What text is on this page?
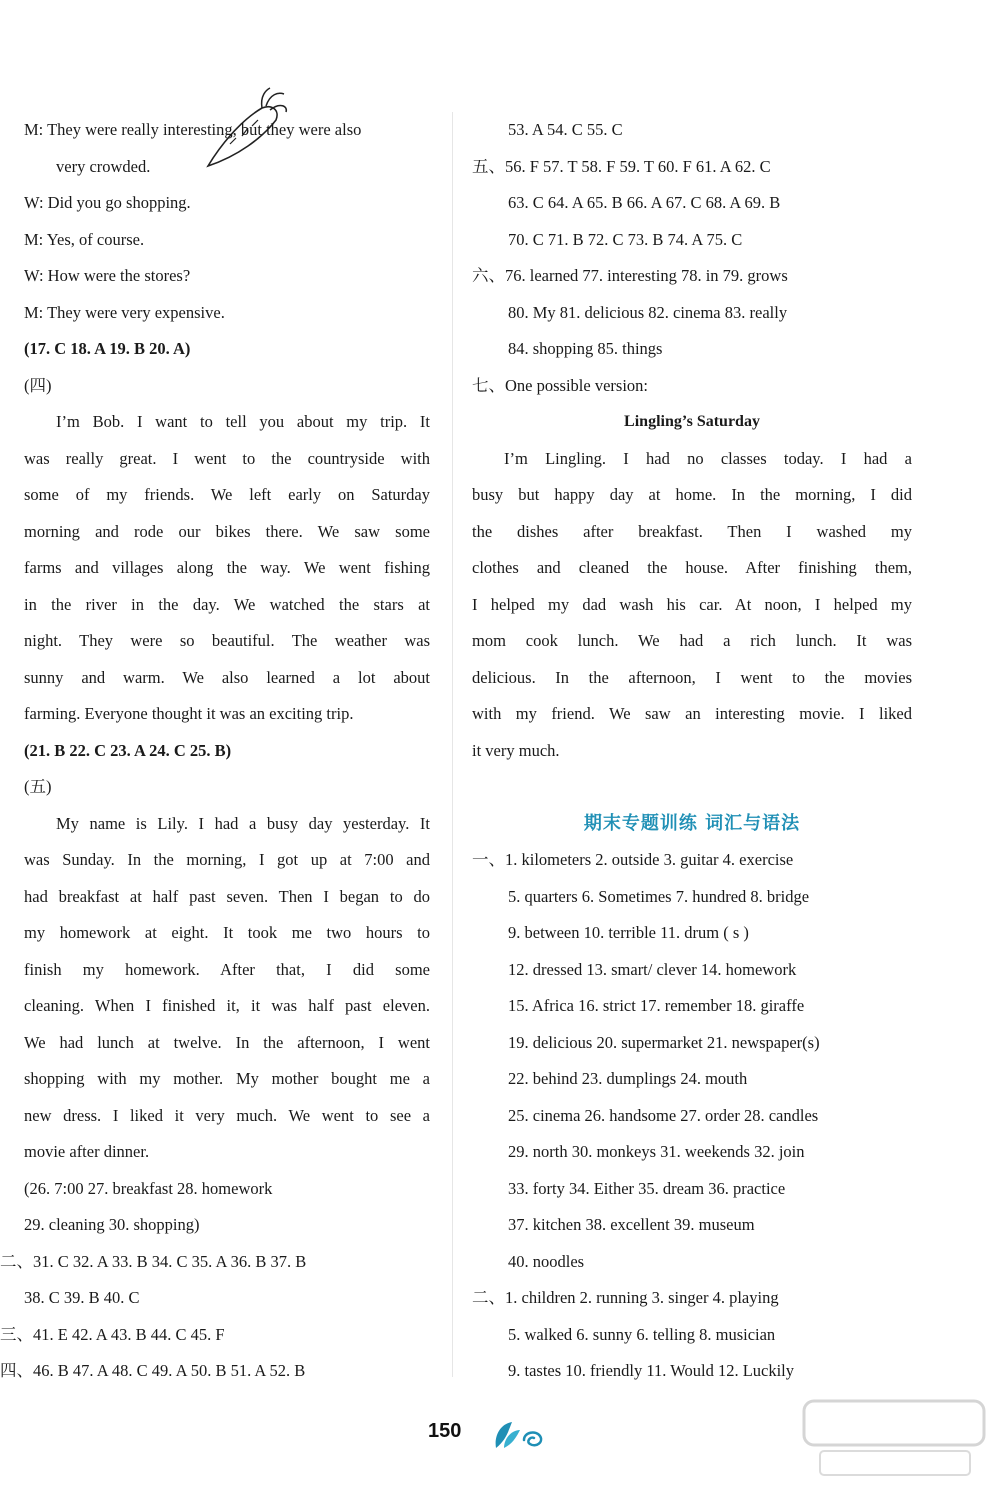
M: They were really interesting, but they were also
very crowded.
W: Did you go shopping.
M: Yes, of course.
W: How were the stores?
M: They were very expensive.
(17. C 18. A 19. B 20. A)
(四)
I’m Bob. I want to tell you about my trip. It
was really great. I went to the countryside with
some of my friends. We left early on Saturday
morning and rode our bikes there. We saw some
farms and villages along the way. We went fishing
in the river in the day. We watched the stars at
night. They were so beautiful. The weather was
sunny and warm. We also learned a lot about
farming. Everyone thought it was an exciting trip.
(21. B 22. C 23. A 24. C 25. B)
(五)
My name is Lily. I had a busy day yesterday. It
was Sunday. In the morning, I got up at 7:00 and
had breakfast at half past seven. Then I began to do
my homework at eight. It took me two hours to
finish my homework. After that, I did some
cleaning. When I finished it, it was half past eleven.
We had lunch at twelve. In the afternoon, I went
shopping with my mother. My mother bought me a
new dress. I liked it very much. We went to see a
movie after dinner.
(26. 7:00 27. breakfast 28. homework
29. cleaning 30. shopping)
二、31. C 32. A 33. B 34. C 35. A 36. B 37. B
38. C 39. B 40. C
三、41. E 42. A 43. B 44. C 45. F
四、46. B 47. A 48. C 49. A 50. B 51. A 52. B
53. A 54. C 55. C
五、56. F 57. T 58. F 59. T 60. F 61. A 62. C
63. C 64. A 65. B 66. A 67. C 68. A 69. B
70. C 71. B 72. C 73. B 74. A 75. C
六、76. learned 77. interesting 78. in 79. grows
80. My 81. delicious 82. cinema 83. really
84. shopping 85. things
七、One possible version:
Lingling’s Saturday
I’m Lingling. I had no classes today. I had a
busy but happy day at home. In the morning, I did
the dishes after breakfast. Then I washed my
clothes and cleaned the house. After finishing them,
I helped my dad wash his car. At noon, I helped my
mom cook lunch. We had a rich lunch. It was
delicious. In the afternoon, I went to the movies
with my friend. We saw an interesting movie. I liked
it very much.
期末专题训练 词汇与语法
一、1. kilometers 2. outside 3. guitar 4. exercise
5. quarters 6. Sometimes 7. hundred 8. bridge
9. between 10. terrible 11. drum ( s )
12. dressed 13. smart/ clever 14. homework
15. Africa 16. strict 17. remember 18. giraffe
19. delicious 20. supermarket 21. newspaper(s)
22. behind 23. dumplings 24. mouth
25. cinema 26. handsome 27. order 28. candles
29. north 30. monkeys 31. weekends 32. join
33. forty 34. Either 35. dream 36. practice
37. kitchen 38. excellent 39. museum
40. noodles
二、1. children 2. running 3. singer 4. playing
5. walked 6. sunny 6. telling 8. musician
9. tastes 10. friendly 11. Would 12. Luckily
150
